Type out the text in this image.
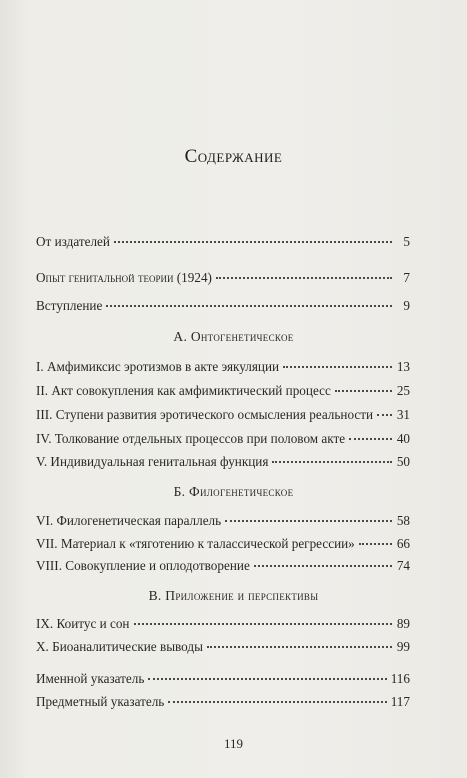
Содержание
От издателей	5
Опыт генитальной теории (1924)	7
Вступление	9
А. Онтогенетическое
I. Амфимиксис эротизмов в акте эякуляции	13
II. Акт совокупления как амфимиктический процесс	25
III. Ступени развития эротического осмысления реальности 31
IV. Толкование отдельных процессов при половом акте	40
V. Индивидуальная генитальная функция	50
Б. Филогенетическое
VI. Филогенетическая параллель	58
VII. Материал к «тяготению к талассической регрессии»	66
VIII. Совокупление и оплодотворение	74
В. Приложение и перспективы
IX. Коитус и сон	89
X. Биоаналитические выводы	99
Именной указатель	116
Предметный указатель	117
119
